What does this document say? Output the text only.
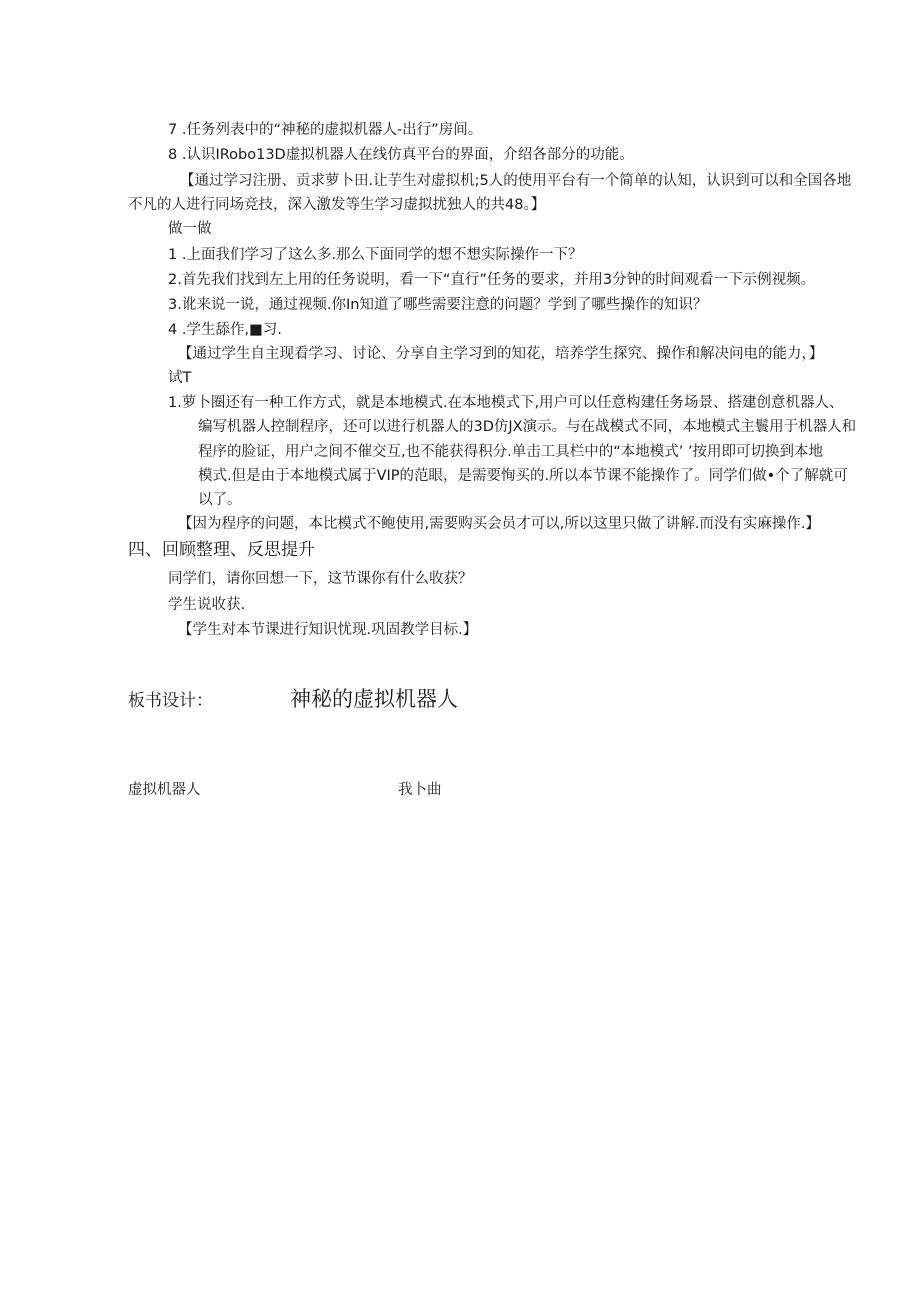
7 .任务列表中的“神秘的虚拟机器人-出行”房间。
8 .认识IRobo13D虚拟机器人在线仿真平台的界面，介绍各部分的功能。
【通过学习注册、贡求萝卜田.让芋生对虚拟机;5人的使用平台有一个简单的认知，认识到可以和全国各地
不凡的人进行同场竞技，深入激发等生学习虚拟扰独人的共48。】
做一做
1 .上面我们学习了这么多.那么下面同学的想不想实际操作一下？
2.首先我们找到左上用的任务说明，看一下“直行”任务的要求，并用3分钟的时间观看一下示例视频。
3.讹来说一说，通过视频.你In知道了哪些需要注意的问题？学到了哪些操作的知识？
4 .学生舔作,■习.
【通过学生自主现看学习、讨论、分享自主学习到的知花，培养学生探究、操作和解决问电的能力，】
试T
1.萝卜圈还有一种工作方式，就是本地模式.在本地模式下,用户可以任意构建任务场景、搭建创意机器人、
编写机器人控制程序，还可以进行机器人的3D仿JX演示。与在战模式不同，本地模式主鬟用于机器人和
程序的脸证，用户之间不催交互,也不能获得积分.单击工具栏中的“本地模式’ ’按用即可切换到本地
模式.但是由于本地模式属于VIP的范眼，是需要恂买的.所以本节课不能操作了。同学们做•个了解就可
以了。
【因为程序的问题，本比模式不鲍使用,需要购买会员才可以,所以这里只做了讲解.而没有实麻操作.】
四、回顾整理、反思提升
同学们，请你回想一下，这节课你有什么收获？
学生说收获.
【学生对本节课进行知识忧现.巩固教学目标.】
板书设计：	神秘的虚拟机器人
虚拟机器人	我卜曲
